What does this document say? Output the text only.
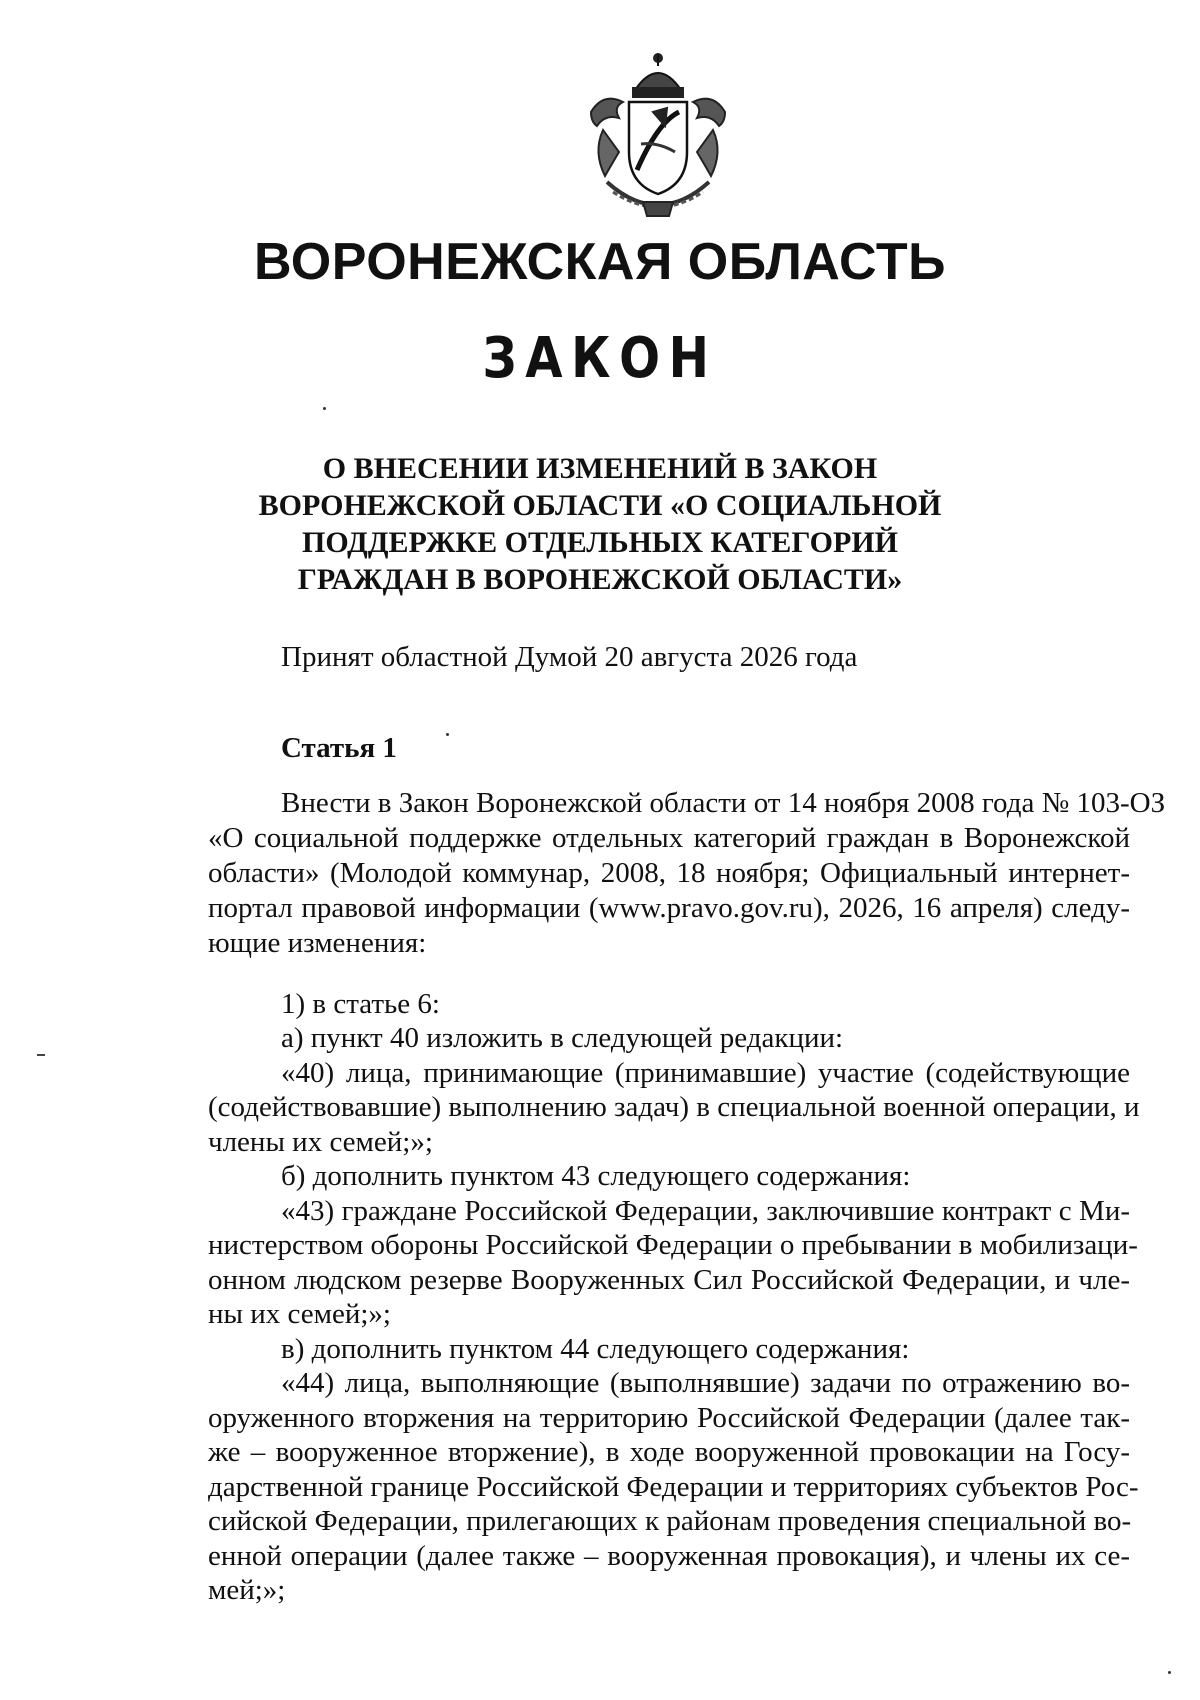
ВОРОНЕЖСКАЯ ОБЛАСТЬ
ЗАКОН
О ВНЕСЕНИИ ИЗМЕНЕНИЙ В ЗАКОН
ВОРОНЕЖСКОЙ ОБЛАСТИ «О СОЦИАЛЬНОЙ
ПОДДЕРЖКЕ ОТДЕЛЬНЫХ КАТЕГОРИЙ
ГРАЖДАН В ВОРОНЕЖСКОЙ ОБЛАСТИ»
Принят областной Думой 20 августа 2026 года
Статья 1
Внести в Закон Воронежской области от 14 ноября 2008 года № 103-ОЗ
«О социальной поддержке отдельных категорий граждан в Воронежской
области» (Молодой коммунар, 2008, 18 ноября; Официальный интернет-
портал правовой информации (www.pravo.gov.ru), 2026, 16 апреля) следу-
ющие изменения:
1) в статье 6:
а) пункт 40 изложить в следующей редакции:
«40) лица, принимающие (принимавшие) участие (содействующие
(содействовавшие) выполнению задач) в специальной военной операции, и
члены их семей;»;
б) дополнить пунктом 43 следующего содержания:
«43) граждане Российской Федерации, заключившие контракт с Ми-
нистерством обороны Российской Федерации о пребывании в мобилизаци-
онном людском резерве Вооруженных Сил Российской Федерации, и чле-
ны их семей;»;
в) дополнить пунктом 44 следующего содержания:
«44) лица, выполняющие (выполнявшие) задачи по отражению во-
оруженного вторжения на территорию Российской Федерации (далее так-
же – вооруженное вторжение), в ходе вооруженной провокации на Госу-
дарственной границе Российской Федерации и территориях субъектов Рос-
сийской Федерации, прилегающих к районам проведения специальной во-
енной операции (далее также – вооруженная провокация), и члены их се-
мей;»;
